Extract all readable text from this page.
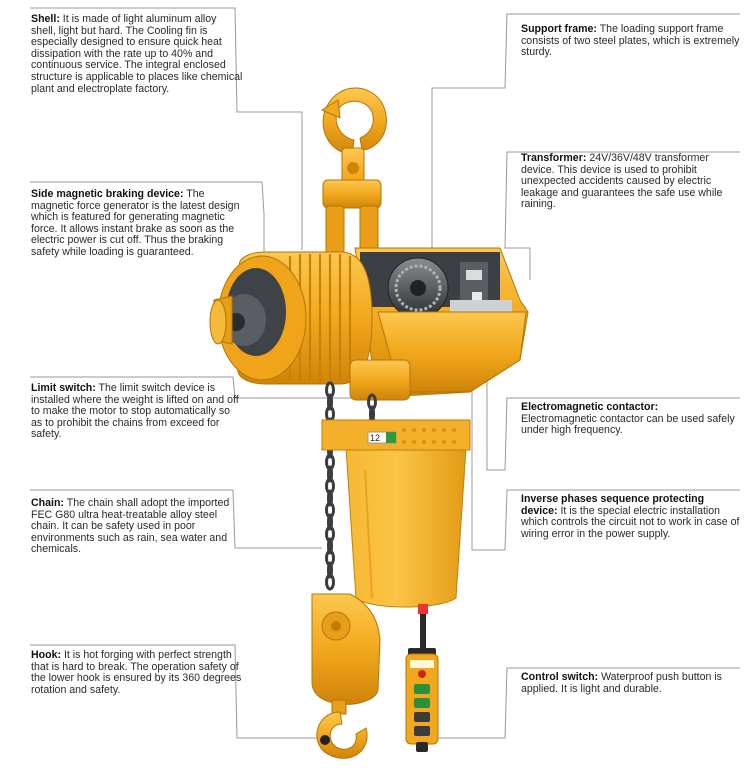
12
Shell: It is made of light aluminum alloy shell, light but hard. The Cooling fin is especially designed to ensure quick heat dissipation with the rate up to 40% and continuous service. The integral enclosed structure is applicable to places like chemical plant and electroplate factory.
Side magnetic braking device: The magnetic force generator is the latest design which is featured for generating magnetic force. It allows instant brake as soon as the electric power is cut off. Thus the braking safety while loading is guaranteed.
Limit switch: The limit switch device is installed where the weight is lifted on and off to make the motor to stop automatically so as to prohibit the chains from exceed for safety.
Chain: The chain shall adopt the imported FEC G80 ultra heat-treatable alloy steel chain. It can be safety used in poor environments such as rain, sea water and chemicals.
Hook: It is hot forging with perfect strength that is hard to break. The operation safety of the lower hook is ensured by its 360 degrees rotation and safety.
Support frame: The loading support frame consists of two steel plates, which is extremely sturdy.
Transformer: 24V/36V/48V transformer device. This device is used to prohibit unexpected accidents caused by electric leakage and guarantees the safe use while raining.
Electromagnetic contactor:
Electromagnetic contactor can be used safely under high frequency.
Inverse phases sequence protecting device: It is the special electric installation which controls the circuit not to work in case of wiring error in the power supply.
Control switch: Waterproof push button is applied. It is light and durable.
